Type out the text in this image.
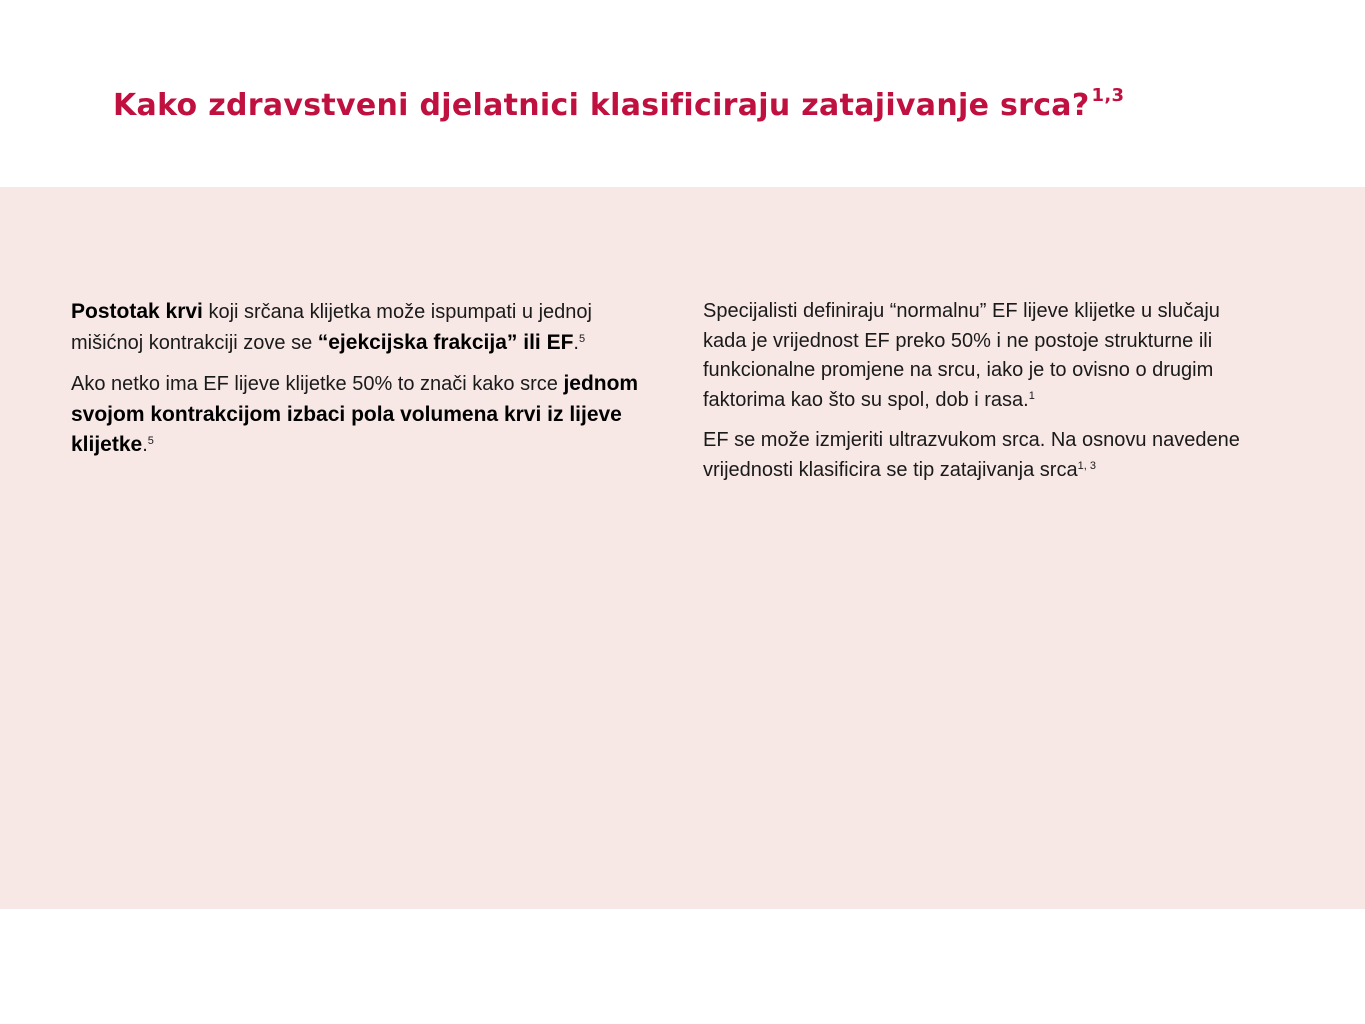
Kako zdravstveni djelatnici klasificiraju zatajivanje srca? $^{1,3}$

Postotak krvi koji srčana klijetka može ispumpati u jednoj mišićnoj kontrakciji zove se “ejekcijska frakcija” ili EF.$^5$

Ako netko ima EF lijeve klijetke 50% to znači kako srce jednom svojom kontrakcijom izbaci pola volumena krvi iz lijeve klijetke.$^5$

Specijalisti definiraju “normalnu” EF lijeve klijetke u slučaju kada je vrijednost EF preko 50% i ne postoje strukturne ili funkcionalne promjene na srcu, iako je to ovisno o drugim faktorima kao što su spol, dob i rasa.$^1$

EF se može izmjeriti ultrazvukom srca. Na osnovu navedene vrijednosti klasificira se tip zatajivanja srca$^{1, 3}$
